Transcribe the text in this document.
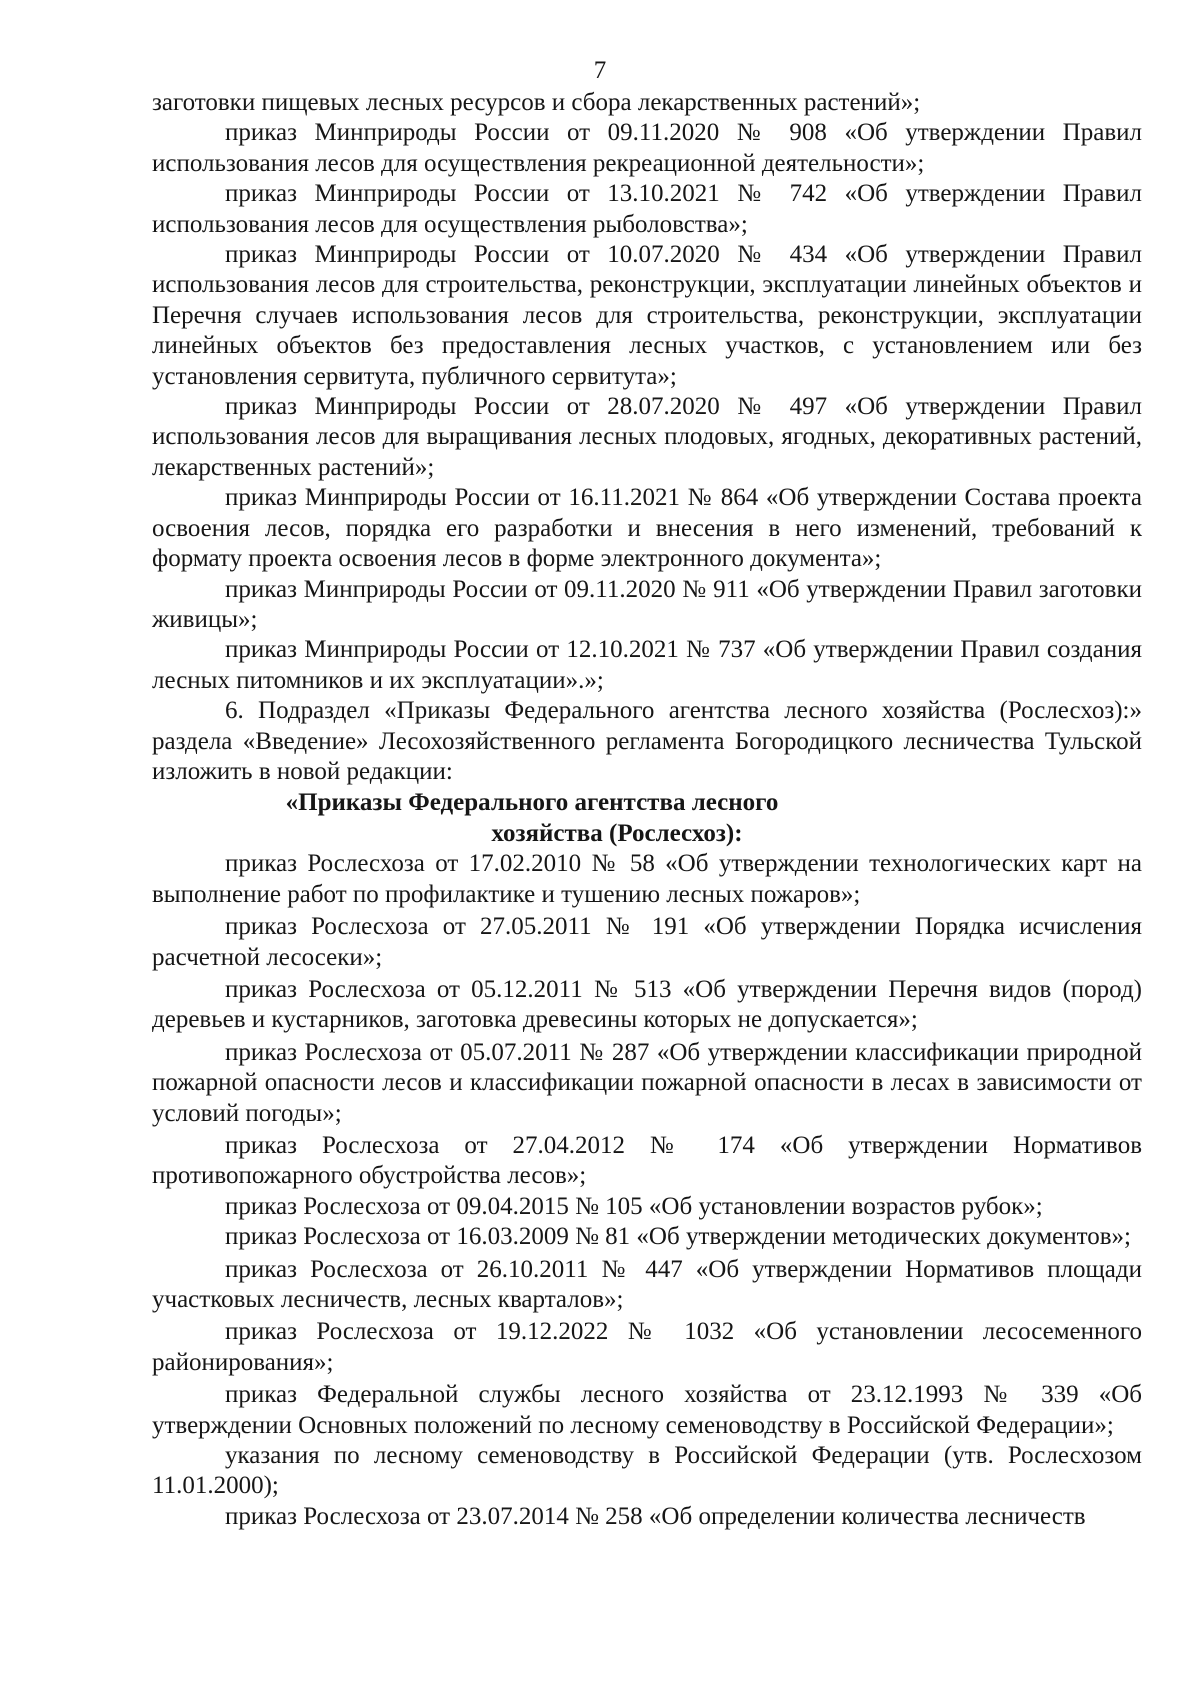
7

заготовки пищевых лесных ресурсов и сбора лекарственных растений»;

приказ Минприроды России от 09.11.2020 № 908 «Об утверждении Правил использования лесов для осуществления рекреационной деятельности»;

приказ Минприроды России от 13.10.2021 № 742 «Об утверждении Правил использования лесов для осуществления рыболовства»;

приказ Минприроды России от 10.07.2020 № 434 «Об утверждении Правил использования лесов для строительства, реконструкции, эксплуатации линейных объектов и Перечня случаев использования лесов для строительства, реконструкции, эксплуатации линейных объектов без предоставления лесных участков, с установлением или без установления сервитута, публичного сервитута»;

приказ Минприроды России от 28.07.2020 № 497 «Об утверждении Правил использования лесов для выращивания лесных плодовых, ягодных, декоративных растений, лекарственных растений»;

приказ Минприроды России от 16.11.2021 № 864 «Об утверждении Состава проекта освоения лесов, порядка его разработки и внесения в него изменений, требований к формату проекта освоения лесов в форме электронного документа»;

приказ Минприроды России от 09.11.2020 № 911 «Об утверждении Правил заготовки живицы»;

приказ Минприроды России от 12.10.2021 № 737 «Об утверждении Правил создания лесных питомников и их эксплуатации».»;

6. Подраздел «Приказы Федерального агентства лесного хозяйства (Рослесхоз):» раздела «Введение» Лесохозяйственного регламента Богородицкого лесничества Тульской изложить в новой редакции:

«Приказы Федерального агентства лесного
хозяйства (Рослесхоз):

приказ Рослесхоза от 17.02.2010 № 58 «Об утверждении технологических карт на выполнение работ по профилактике и тушению лесных пожаров»;

приказ Рослесхоза от 27.05.2011 № 191 «Об утверждении Порядка исчисления расчетной лесосеки»;

приказ Рослесхоза от 05.12.2011 № 513 «Об утверждении Перечня видов (пород) деревьев и кустарников, заготовка древесины которых не допускается»;

приказ Рослесхоза от 05.07.2011 № 287 «Об утверждении классификации природной пожарной опасности лесов и классификации пожарной опасности в лесах в зависимости от условий погоды»;

приказ Рослесхоза от 27.04.2012 № 174 «Об утверждении Нормативов противопожарного обустройства лесов»;

приказ Рослесхоза от 09.04.2015 № 105 «Об установлении возрастов рубок»;

приказ Рослесхоза от 16.03.2009 № 81 «Об утверждении методических документов»;

приказ Рослесхоза от 26.10.2011 № 447 «Об утверждении Нормативов площади участковых лесничеств, лесных кварталов»;

приказ Рослесхоза от 19.12.2022 № 1032 «Об установлении лесосеменного районирования»;

приказ Федеральной службы лесного хозяйства от 23.12.1993 № 339 «Об утверждении Основных положений по лесному семеноводству в Российской Федерации»;

указания по лесному семеноводству в Российской Федерации (утв. Рослесхозом 11.01.2000);

приказ Рослесхоза от 23.07.2014 № 258 «Об определении количества лесничеств
